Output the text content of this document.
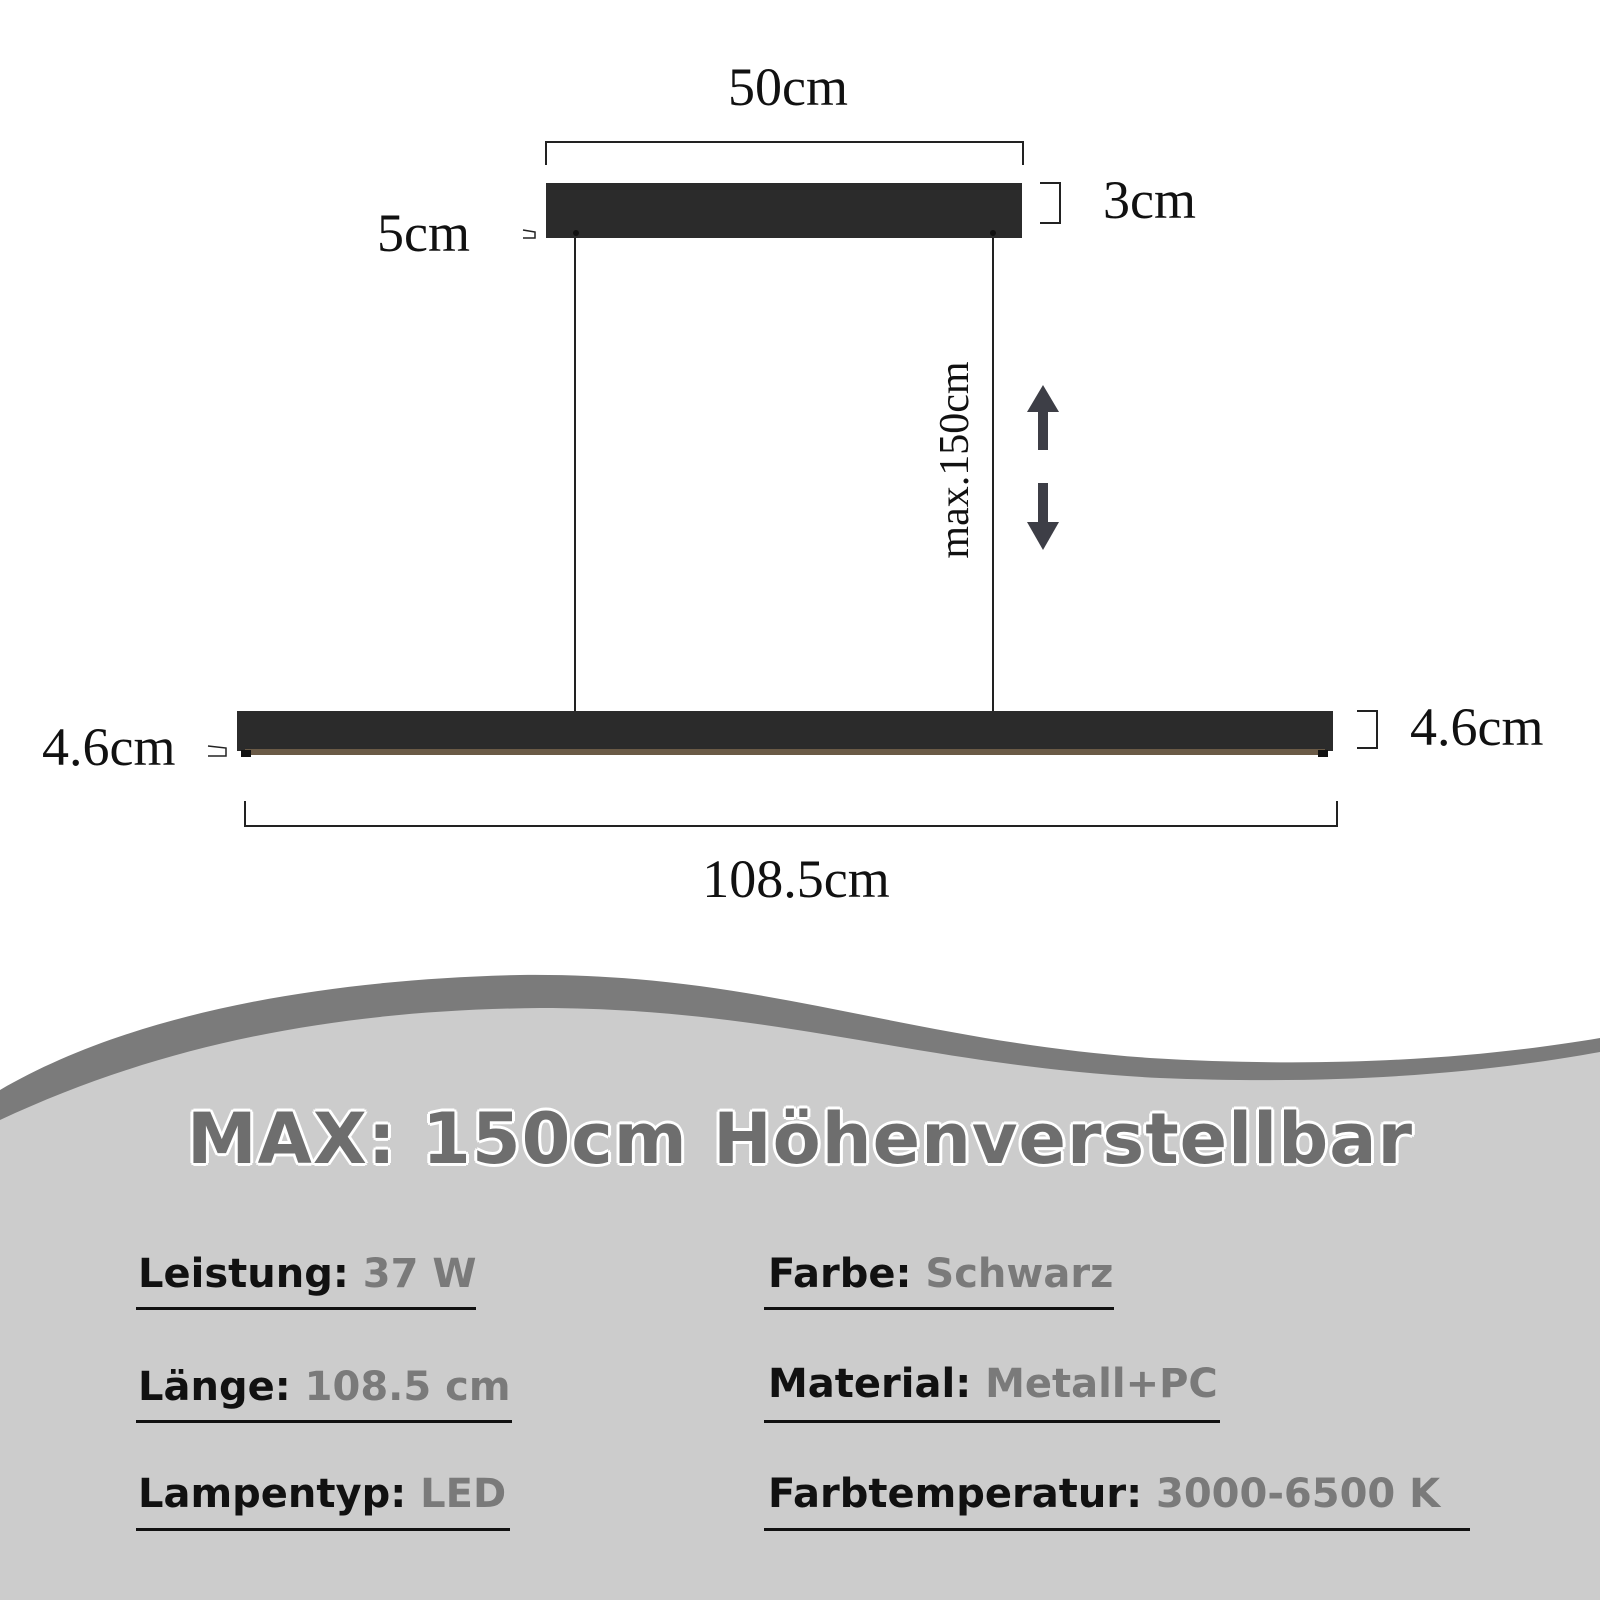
50cm
3cm
5cm
max.150cm
4.6cm	4.6cm
108.5cm
MAX: 150cm Höhenverstellbar
Leistung: 37 W
Länge: 108.5 cm
Lampentyp: LED
Farbe: Schwarz
Material: Metall+PC
Farbtemperatur: 3000-6500 K
